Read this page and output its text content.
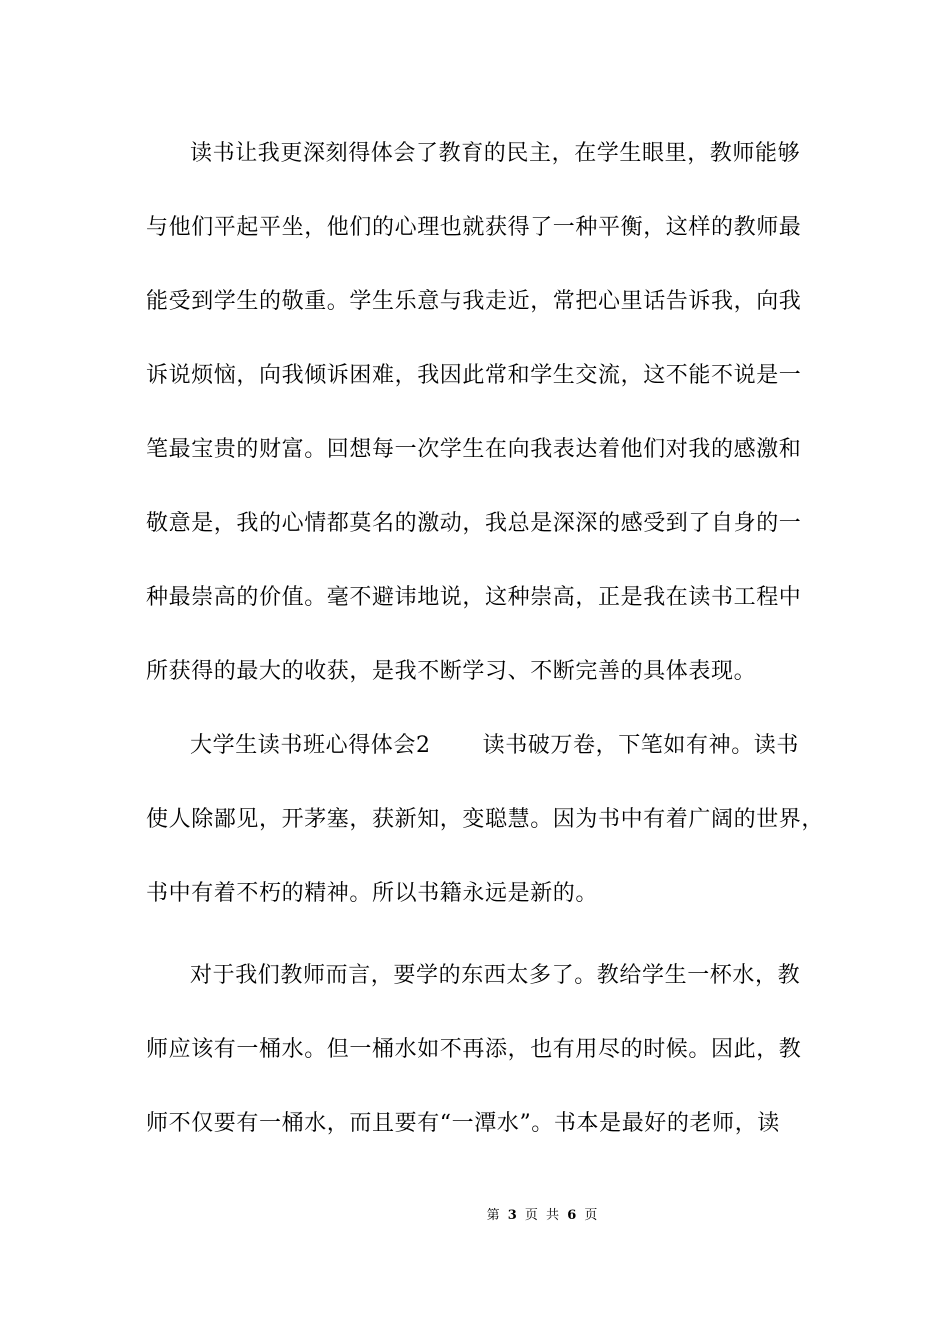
读书让我更深刻得体会了教育的民主，在学生眼里，教师能够
与他们平起平坐，他们的心理也就获得了一种平衡，这样的教师最
能受到学生的敬重。学生乐意与我走近，常把心里话告诉我，向我
诉说烦恼，向我倾诉困难，我因此常和学生交流，这不能不说是一
笔最宝贵的财富。回想每一次学生在向我表达着他们对我的感激和
敬意是，我的心情都莫名的激动，我总是深深的感受到了自身的一
种最崇高的价值。毫不避讳地说，这种崇高，正是我在读书工程中
所获得的最大的收获，是我不断学习、不断完善的具体表现。
大学生读书班心得体会2 读书破万卷，下笔如有神。读书
使人除鄙见，开茅塞，获新知，变聪慧。因为书中有着广阔的世界，
书中有着不朽的精神。所以书籍永远是新的。
对于我们教师而言，要学的东西太多了。教给学生一杯水，教
师应该有一桶水。但一桶水如不再添，也有用尽的时候。因此，教
师不仅要有一桶水，而且要有“一潭水”。书本是最好的老师，读
第 3 页 共 6 页
